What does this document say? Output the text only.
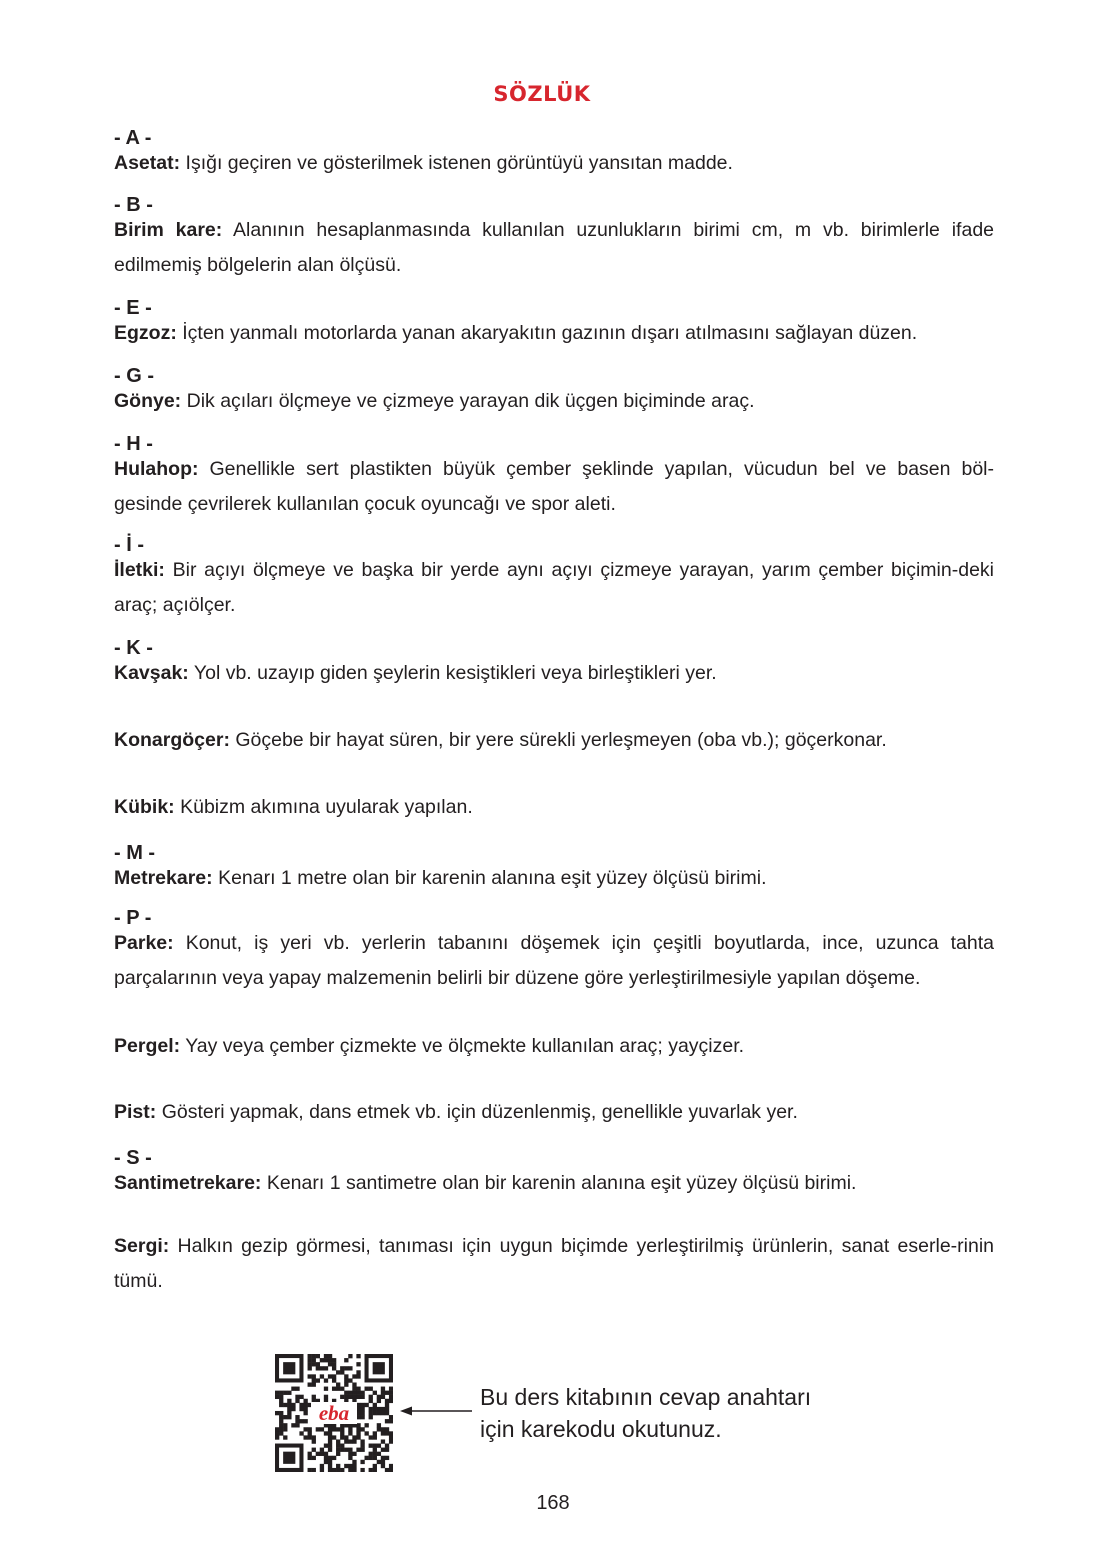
SÖZLÜK
- A -
Asetat: Işığı geçiren ve gösterilmek istenen görüntüyü yansıtan madde.
- B -
Birim kare: Alanının hesaplanmasında kullanılan uzunlukların birimi cm, m vb. birimlerle ifade edilmemiş bölgelerin alan ölçüsü.
- E -
Egzoz: İçten yanmalı motorlarda yanan akaryakıtın gazının dışarı atılmasını sağlayan düzen.
- G -
Gönye: Dik açıları ölçmeye ve çizmeye yarayan dik üçgen biçiminde araç.
- H -
Hulahop: Genellikle sert plastikten büyük çember şeklinde yapılan, vücudun bel ve basen böl-gesinde çevrilerek kullanılan çocuk oyuncağı ve spor aleti.
- İ -
İletki: Bir açıyı ölçmeye ve başka bir yerde aynı açıyı çizmeye yarayan, yarım çember biçimin-deki araç; açıölçer.
- K -
Kavşak: Yol vb. uzayıp giden şeylerin kesiştikleri veya birleştikleri yer.
Konargöçer: Göçebe bir hayat süren, bir yere sürekli yerleşmeyen (oba vb.); göçerkonar.
Kübik: Kübizm akımına uyularak yapılan.
- M -
Metrekare: Kenarı 1 metre olan bir karenin alanına eşit yüzey ölçüsü birimi.
- P -
Parke: Konut, iş yeri vb. yerlerin tabanını döşemek için çeşitli boyutlarda, ince, uzunca tahta parçalarının veya yapay malzemenin belirli bir düzene göre yerleştirilmesiyle yapılan döşeme.
Pergel: Yay veya çember çizmekte ve ölçmekte kullanılan araç; yayçizer.
Pist: Gösteri yapmak, dans etmek vb. için düzenlenmiş, genellikle yuvarlak yer.
- S -
Santimetrekare: Kenarı 1 santimetre olan bir karenin alanına eşit yüzey ölçüsü birimi.
Sergi: Halkın gezip görmesi, tanıması için uygun biçimde yerleştirilmiş ürünlerin, sanat eserle-rinin tümü.
eba
Bu ders kitabının cevap anahtarı
için karekodu okutunuz.
168
